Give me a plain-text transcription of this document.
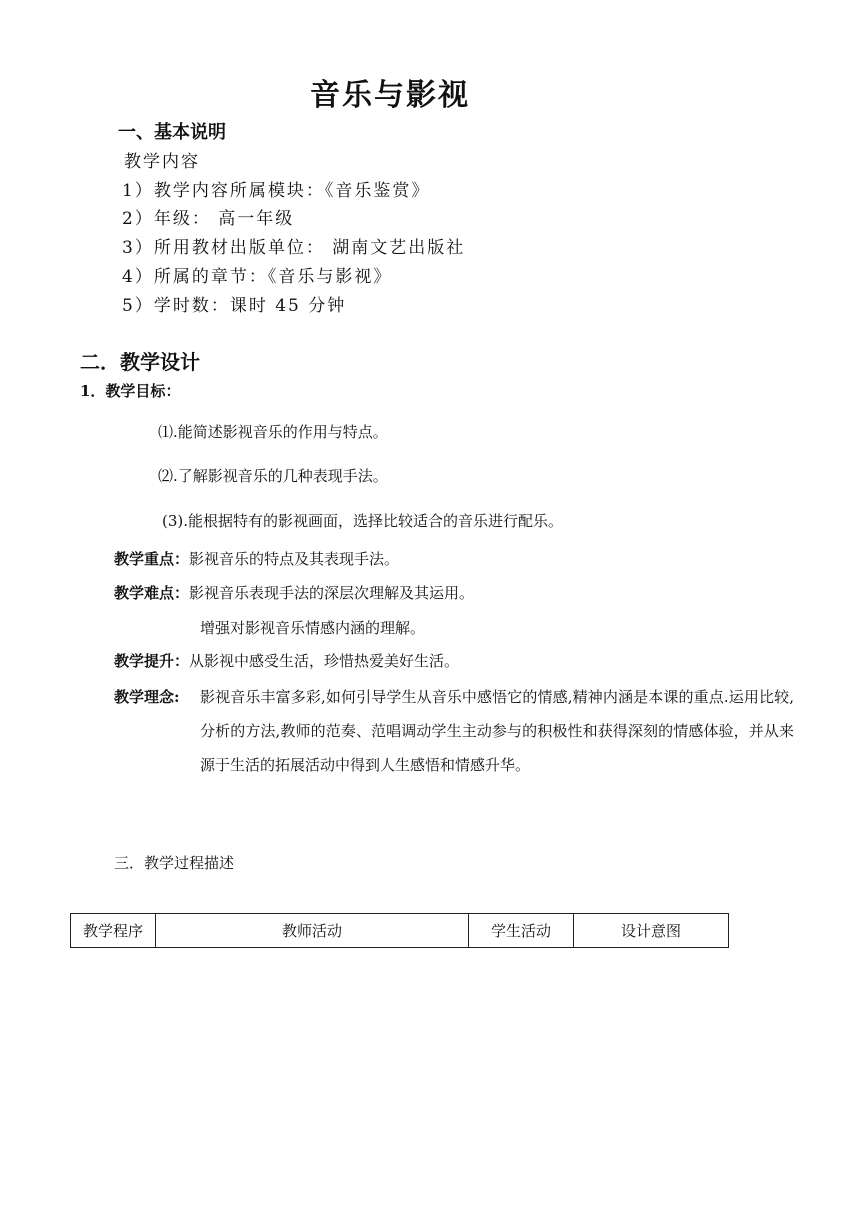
音乐与影视
一、基本说明
教学内容
1）教学内容所属模块：《音乐鉴赏》
2）年级： 高一年级
3）所用教材出版单位： 湖南文艺出版社
4）所属的章节：《音乐与影视》
5）学时数：课时 45 分钟
二．教学设计
1．教学目标：
⑴.能简述影视音乐的作用与特点。
⑵.了解影视音乐的几种表现手法。
(3).能根据特有的影视画面，选择比较适合的音乐进行配乐。
教学重点：影视音乐的特点及其表现手法。
教学难点：影视音乐表现手法的深层次理解及其运用。
增强对影视音乐情感内涵的理解。
教学提升：从影视中感受生活，珍惜热爱美好生活。
教学理念: 影视音乐丰富多彩,如何引导学生从音乐中感悟它的情感,精神内涵是本课的重点.运用比较,分析的方法,教师的范奏、范唱调动学生主动参与的积极性和获得深刻的情感体验，并从来源于生活的拓展活动中得到人生感悟和情感升华。
三．教学过程描述
教学程序	教师活动	学生活动	设计意图
